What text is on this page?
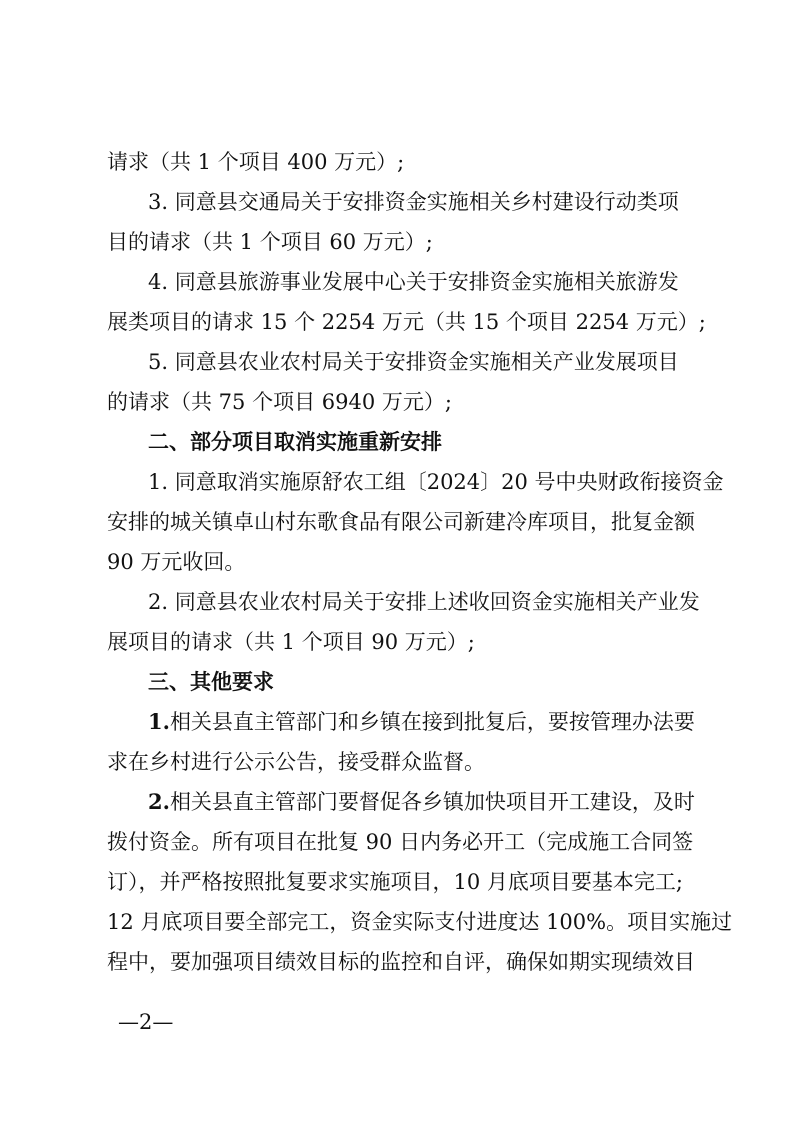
请求（共 1 个项目 400 万元）;
3. 同意县交通局关于安排资金实施相关乡村建设行动类项
目的请求（共 1 个项目 60 万元）;
4. 同意县旅游事业发展中心关于安排资金实施相关旅游发
展类项目的请求 15 个 2254 万元（共 15 个项目 2254 万元）;
5. 同意县农业农村局关于安排资金实施相关产业发展项目
的请求（共 75 个项目 6940 万元）;
二、部分项目取消实施重新安排
1. 同意取消实施原舒农工组〔2024〕20 号中央财政衔接资金
安排的城关镇卓山村东歌食品有限公司新建冷库项目，批复金额
90 万元收回。
2. 同意县农业农村局关于安排上述收回资金实施相关产业发
展项目的请求（共 1 个项目 90 万元）;
三、其他要求
1.相关县直主管部门和乡镇在接到批复后，要按管理办法要
求在乡村进行公示公告，接受群众监督。
2.相关县直主管部门要督促各乡镇加快项目开工建设，及时
拨付资金。所有项目在批复 90 日内务必开工（完成施工合同签
订），并严格按照批复要求实施项目，10 月底项目要基本完工;
12 月底项目要全部完工，资金实际支付进度达 100%。项目实施过
程中，要加强项目绩效目标的监控和自评，确保如期实现绩效目
—2—
